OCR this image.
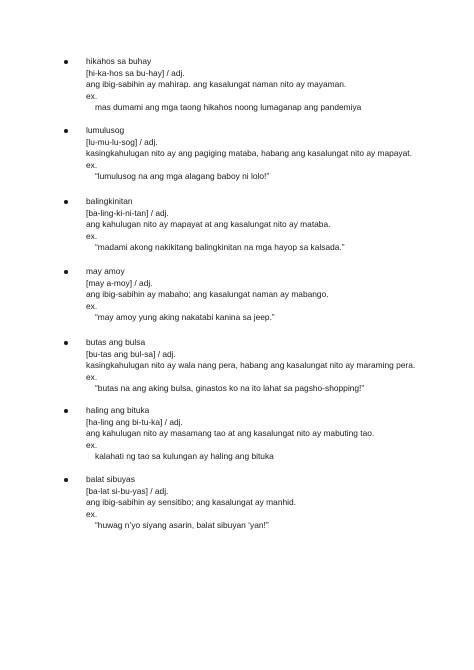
hikahos sa buhay
[hi-ka-hos sa bu-hay] / adj.
ang ibig-sabihin ay mahirap. ang kasalungat naman nito ay mayaman.
ex.
mas dumami ang mga taong hikahos noong lumaganap ang pandemiya
lumulusog
[lu-mu-lu-sog] / adj.
kasingkahulugan nito ay ang pagiging mataba, habang ang kasalungat nito ay mapayat.
ex.
“lumulusog na ang mga alagang baboy ni lolo!”
balingkinitan
[ba-ling-ki-ni-tan] / adj.
ang kahulugan nito ay mapayat at ang kasalungat nito ay mataba.
ex.
“madami akong nakikitang balingkinitan na mga hayop sa kalsada.”
may amoy
[may a-moy] / adj.
ang ibig-sabihin ay mabaho; ang kasalungat naman ay mabango.
ex.
“may amoy yung aking nakatabi kanina sa jeep.”
butas ang bulsa
[bu-tas ang bul-sa] / adj.
kasingkahulugan nito ay wala nang pera, habang ang kasalungat nito ay maraming pera.
ex.
“butas na ang aking bulsa, ginastos ko na ito lahat sa pagsho-shopping!”
haling ang bituka
[ha-ling ang bi-tu-ka] / adj.
ang kahulugan nito ay masamang tao at ang kasalungat nito ay mabuting tao.
ex.
kalahati ng tao sa kulungan ay haling ang bituka
balat sibuyas
[ba-lat si-bu-yas] / adj.
ang ibig-sabihin ay sensitibo; ang kasalungat ay manhid.
ex.
“huwag n’yo siyang asarin, balat sibuyan ‘yan!”
